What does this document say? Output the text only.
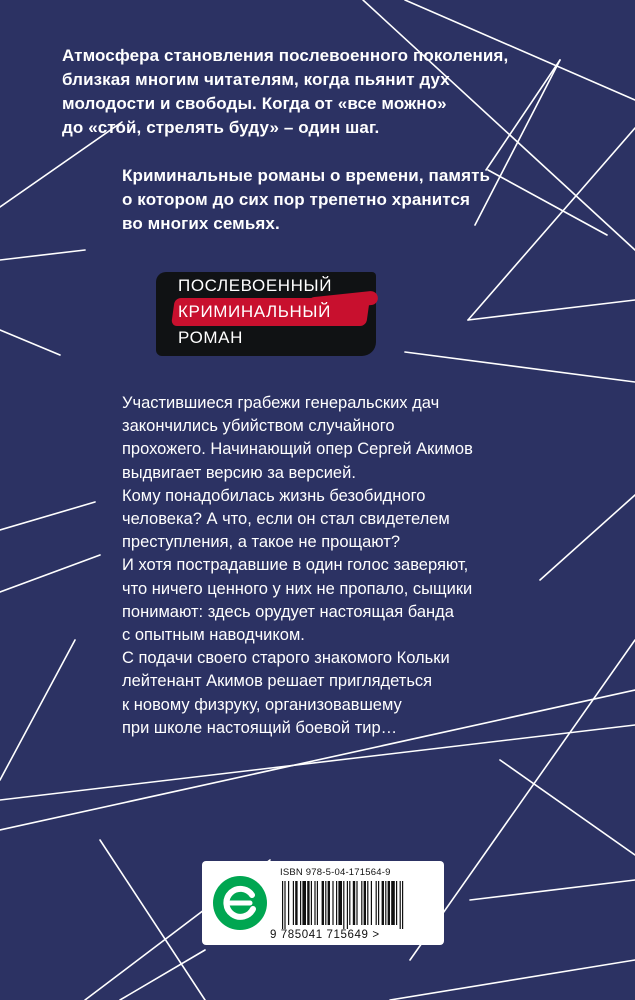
Атмосфера становления послевоенного поколения,
близкая многим читателям, когда пьянит дух
молодости и свободы. Когда от «все можно»
до «стой, стрелять буду» – один шаг.
Криминальные романы о времени, память
о котором до сих пор трепетно хранится
во многих семьях.
ПОСЛЕВОЕННЫЙ
КРИМИНАЛЬНЫЙ
РОМАН
Участившиеся грабежи генеральских дач
закончились убийством случайного
прохожего. Начинающий опер Сергей Акимов
выдвигает версию за версией.
Кому понадобилась жизнь безобидного
человека? А что, если он стал свидетелем
преступления, а такое не прощают?
И хотя пострадавшие в один голос заверяют,
что ничего ценного у них не пропало, сыщики
понимают: здесь орудует настоящая банда
с опытным наводчиком.
С подачи своего старого знакомого Кольки
лейтенант Акимов решает приглядеться
к новому физруку, организовавшему
при школе настоящий боевой тир…
ISBN 978-5-04-171564-9
9 785041 715649 >
